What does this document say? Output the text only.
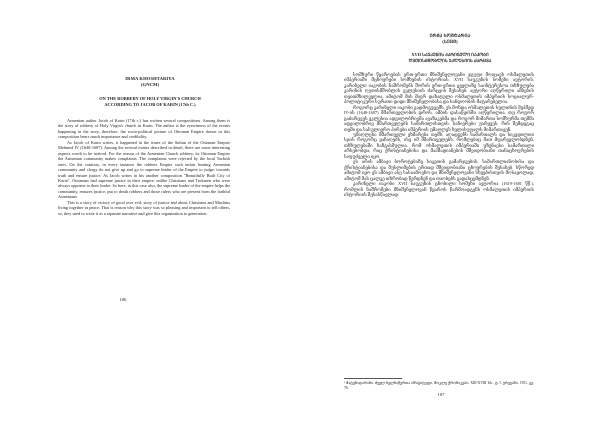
IRMA KHOSHTARIYA
(GNCM)
ON THE ROBBERY OF HOLY VIRGIN'S CHURCH
ACCORDING TO JACOB OF KARIN (17th C.)

Armenian author Jacob of Karin (17th c.) has written several compositions. Among them is the story of robbery of Holy Virgin's church in Karin. The author is the eyewitness of the events happening in the story, therefore, the socio-political picture of Ottoman Empire drawn in this composition bears much importance and credibility.

As Jacob of Karin writes, it happened in the times of the Sultan of the Ottoman Empire Mehmed IV (1648-1687). Among the several events described in detail, there are some interesting aspects worth to be noticed. For the reason of the Armenian Church robbery, its Ottoman Empire the Armenian community makes complaints. The complaints were rejected by the local Turkish ones. On the contrary, in every instance the robbers Empire such unfair beating Armenian community and clergy do not give up and go to supreme leader of the Empire to judge, towards truth and ensure justice. As Jacob writes in his another composition "Beautifully Built City of Karin", Ottomans had supreme justice in their empire, unlike Christians and Turkmen who were always opposite to their leader. So here, in this case also, the supreme leader of the empire helps the community, ensures justice, put to death robbers and those rulers who are present from the faithful Armenians.

This is a story of victory of good over evil, story of justice and about Christians and Muslims living together in peace. That is reason why this story was so pleasing and important to tell others, so, they used to write it as a separate narrative and give this organization to generation.

106
ᲘᲠᲛᲐ ᲮᲝᲨᲢᲐᲠᲘᲐ
(ᲡᲔᲪᲛ)
XVII ᲡᲐᲣᲙᲣᲜᲘᲡ ᲙᲐᲠᲘᲜᲔᲚᲘ ᲘᲐᲙᲝᲑᲘ
ᲦᲕᲗᲘᲡᲛᲨᲝᲑᲚᲘᲡ ᲔᲙᲚᲔᲡᲘᲘᲡ ᲫᲐᲠᲪᲕᲐ

სომხური წყაროების ერთ-ერთი მნიშვნელოვანი ჯგუფი მოიცავს ოსმალეთის იმპერიაში მცხოვრები სომხების ისტორიას. XVII საუკუნის სომეხი ავტორის, კარინელი იაკობის ნაშრომებს შორის ერთ-ერთი ყველაზე საინტერესოა თხზულება კარინის ღვთისმშობლის ეკლესიის ძარცვის შესახებ. ავტორი აღწერილი ამბების თვითმხილველია, ამიტომ მის მიერ დახატული ოსმალეთის იმპერიის სოციალურ-პოლიტიკური სურათი დიდი მნიშვნელობისა და სანდოობის მატარებელია.

როგორც კარინელი იაკობი გადმოგვცემს, ეს მოხდა ოსმალეთის სულთნის მეჰმედ IV-ის (1648-1687) მმართველობის დროს. ამბის დასაწყისში აღწერილია, თუ როგორ გაძარცვეს ეკლესია ადგილობრივმა ავაზაკებმა და როგორ მიმართა სომხურმა თემმა ადგილობრივ მმართველებს სამართლისთვის. საჩივრები უარყვეს, რის შემდეგაც თემი და სასულიერო პირები იმპერიის უმაღლეს ხელისუფალს მიმართავენ.

უმაღლესი მმართველი ეხმარება თემს, აღადგენს სამართალს და სიკვდილით სჯის როგორც ყაჩაღებს, ისე იმ მმართველებს, რომლებიც მათ მფარველობდნენ. თხზულებაში ხაზგასმულია, რომ ოსმალეთის იმპერიაში უზენაესი სამართალი არსებობდა, რაც ქრისტიანებისა და მაჰმადიანების მშვიდობიანი თანაცხოვრების საფუძველი იყო.

ეს არის ამბავი ბოროტებაზე სიკეთის გამარჯვების, სამართლიანობისა და ქრისტიანებისა და მუსლიმების ერთად მშვიდობიანი ცხოვრების შესახებ. სწორედ ამიტომ იყო ეს ამბავი ასე სასიამოვნო და მნიშვნელოვანი სხვებისთვის მოსაყოლად, ამიტომ მას ცალკე თხრობად წერდნენ და თაობებს გადასცემდნენ.

კარინელი იაკობი XVII საუკუნის ცნობილი სომეხი ავტორია (1619-1681 წწ.), რომლის ნაშრომები მნიშვნელოვან წყაროს წარმოადგენს ოსმალეთის იმპერიის ისტორიის შესასწავლად.

¹ მატენადარანი, ძველ ხელნაწერთა ინსტიტუტი, მოკლე ქრონიკები, XIII-XVIII სს., ტ. I, ერევანი, 1951, გვ. 76.
107
